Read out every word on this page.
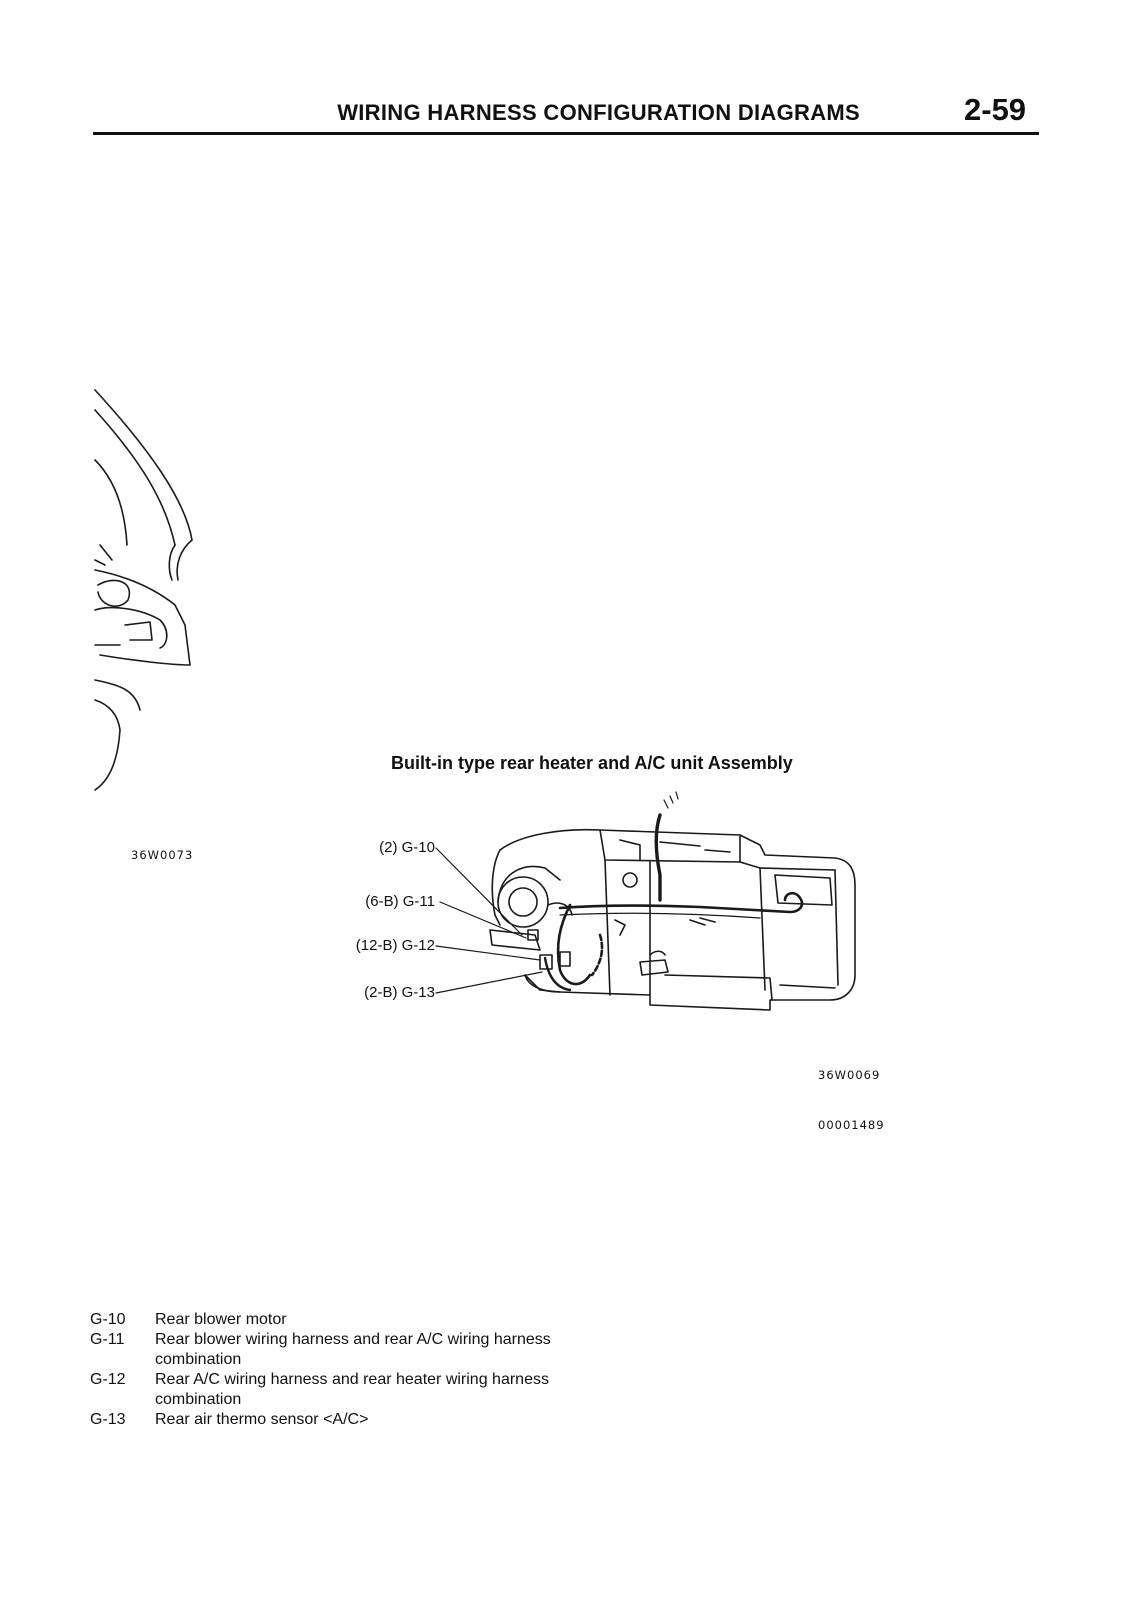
WIRING HARNESS CONFIGURATION DIAGRAMS	2-59
36W0073
Built-in type rear heater and A/C unit Assembly
(2) G-10
(6-B) G-11
(12-B) G-12
(2-B) G-13
36W0069
00001489
G-10	Rear blower motor
G-11	Rear blower wiring harness and rear A/C wiring harness combination
G-12	Rear A/C wiring harness and rear heater wiring harness combination
G-13	Rear air thermo sensor <A/C>
